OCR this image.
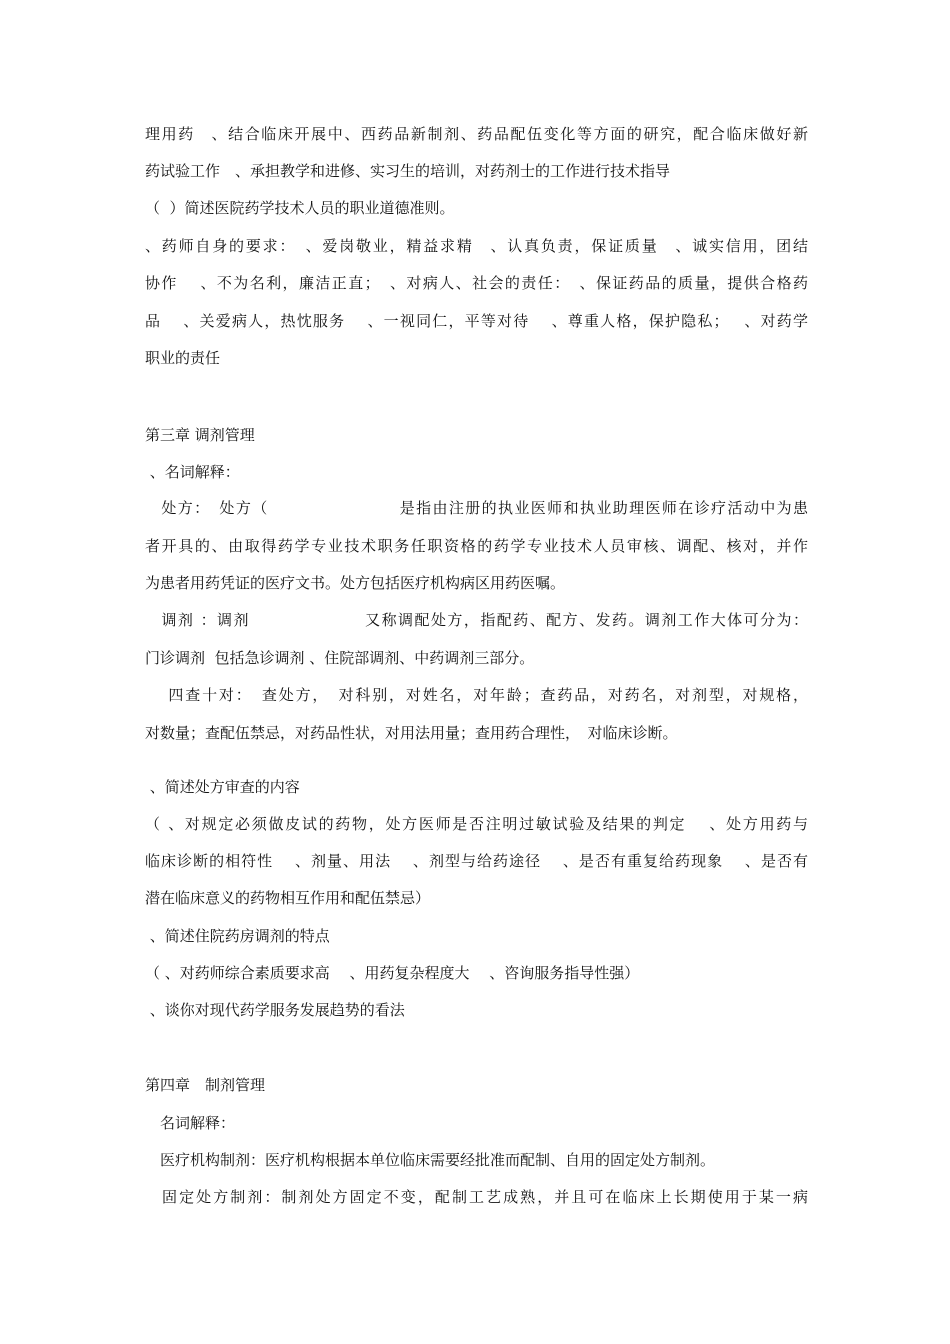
理用药　、结合临床开展中、西药品新制剂、药品配伍变化等方面的研究，配合临床做好新

药试验工作　、承担教学和进修、实习生的培训，对药剂士的工作进行技术指导

（  ）简述医院药学技术人员的职业道德准则。

、药师自身的要求：　、爱岗敬业，精益求精　、认真负责，保证质量　、诚实信用，团结

协作　 、不为名利，廉洁正直；　、对病人、社会的责任：　、保证药品的质量，提供合格药

品　 、关爱病人，热忱服务　 、一视同仁，平等对待　 、尊重人格，保护隐私；　 、对药学

职业的责任

第三章 调剂管理

、名词解释：

　处方：　处方（　　　　　　　　是指由注册的执业医师和执业助理医师在诊疗活动中为患

者开具的、由取得药学专业技术职务任职资格的药学专业技术人员审核、调配、核对，并作

为患者用药凭证的医疗文书。处方包括医疗机构病区用药医嘱。

　调剂 ：调剂　　　　　　　又称调配处方，指配药、配方、发药。调剂工作大体可分为：

门诊调剂  包括急诊调剂 、住院部调剂、中药调剂三部分。

　 四查十对：　查处方，　对科别，对姓名，对年龄；查药品，对药名，对剂型，对规格，

对数量；查配伍禁忌，对药品性状，对用法用量；查用药合理性，　对临床诊断。

、简述处方审查的内容

（ 、对规定必须做皮试的药物，处方医师是否注明过敏试验及结果的判定　 、处方用药与

临床诊断的相符性　 、剂量、用法　 、剂型与给药途径　 、是否有重复给药现象　 、是否有

潜在临床意义的药物相互作用和配伍禁忌）

、简述住院药房调剂的特点

（ 、对药师综合素质要求高　 、用药复杂程度大　 、咨询服务指导性强）

、谈你对现代药学服务发展趋势的看法

第四章　制剂管理

　名词解释：

　医疗机构制剂：医疗机构根据本单位临床需要经批准而配制、自用的固定处方制剂。

　固定处方制剂：制剂处方固定不变，配制工艺成熟，并且可在临床上长期使用于某一病
